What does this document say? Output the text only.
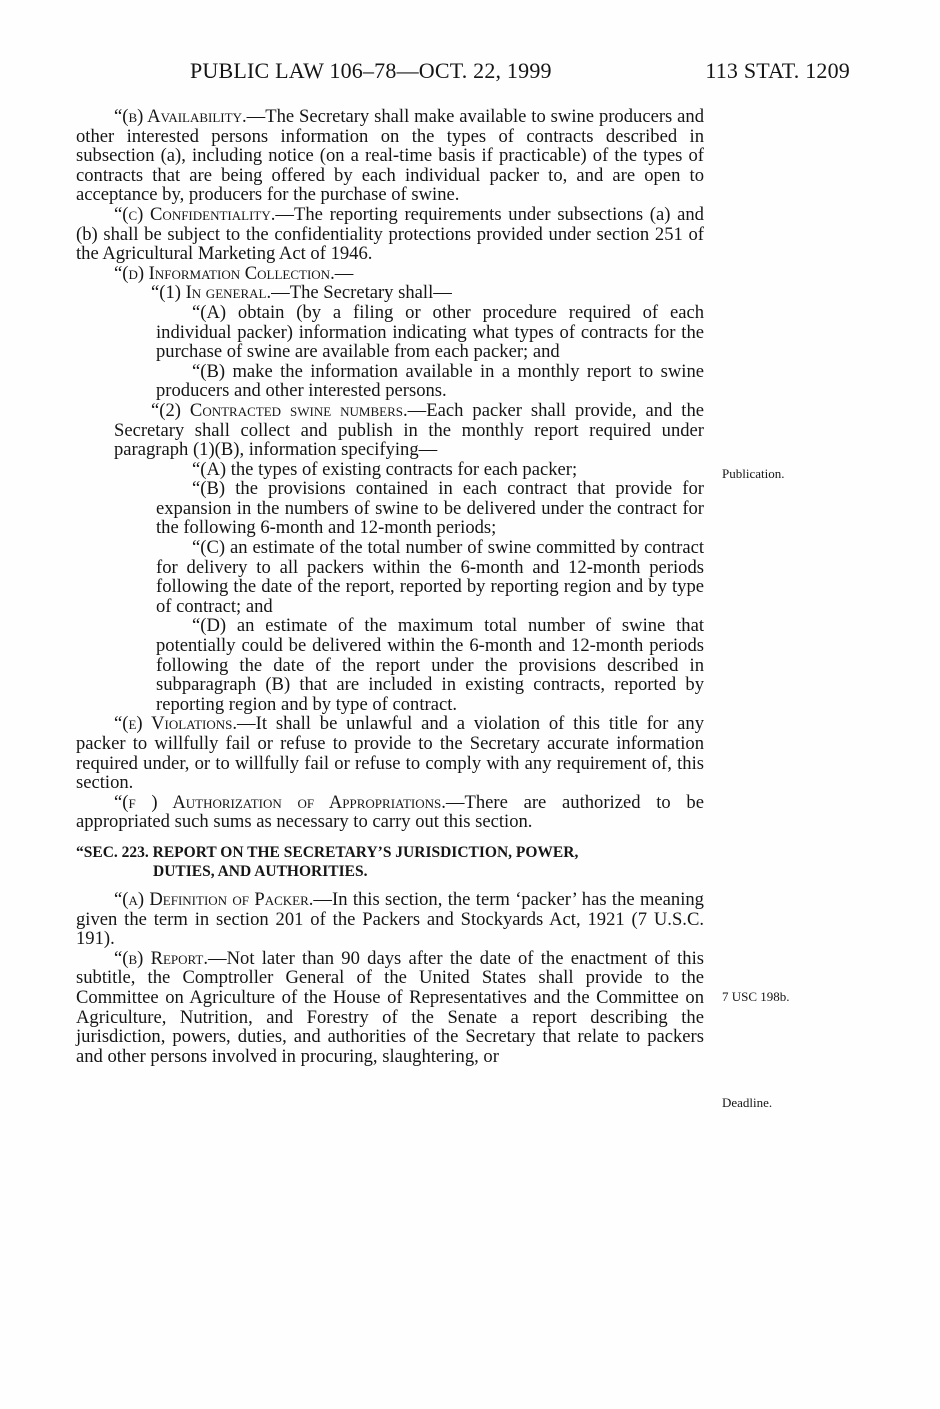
PUBLIC LAW 106–78—OCT. 22, 1999	113 STAT. 1209

“(b) Availability.—The Secretary shall make available to swine producers and other interested persons information on the types of contracts described in subsection (a), including notice (on a real-time basis if practicable) of the types of contracts that are being offered by each individual packer to, and are open to acceptance by, producers for the purchase of swine.

“(c) Confidentiality.—The reporting requirements under subsections (a) and (b) shall be subject to the confidentiality protections provided under section 251 of the Agricultural Marketing Act of 1946.

“(d) Information Collection.—

“(1) In general.—The Secretary shall—

“(A) obtain (by a filing or other procedure required of each individual packer) information indicating what types of contracts for the purchase of swine are available from each packer; and

“(B) make the information available in a monthly report to swine producers and other interested persons.

“(2) Contracted swine numbers.—Each packer shall provide, and the Secretary shall collect and publish in the monthly report required under paragraph (1)(B), information specifying—

“(A) the types of existing contracts for each packer;

“(B) the provisions contained in each contract that provide for expansion in the numbers of swine to be delivered under the contract for the following 6-month and 12-month periods;

“(C) an estimate of the total number of swine committed by contract for delivery to all packers within the 6-month and 12-month periods following the date of the report, reported by reporting region and by type of contract; and

“(D) an estimate of the maximum total number of swine that potentially could be delivered within the 6-month and 12-month periods following the date of the report under the provisions described in subparagraph (B) that are included in existing contracts, reported by reporting region and by type of contract.

“(e) Violations.—It shall be unlawful and a violation of this title for any packer to willfully fail or refuse to provide to the Secretary accurate information required under, or to willfully fail or refuse to comply with any requirement of, this section.

“(f ) Authorization of Appropriations.—There are authorized to be appropriated such sums as necessary to carry out this section.

“SEC. 223. REPORT ON THE SECRETARY’S JURISDICTION, POWER,
DUTIES, AND AUTHORITIES.

“(a) Definition of Packer.—In this section, the term ‘packer’ has the meaning given the term in section 201 of the Packers and Stockyards Act, 1921 (7 U.S.C. 191).

“(b) Report.—Not later than 90 days after the date of the enactment of this subtitle, the Comptroller General of the United States shall provide to the Committee on Agriculture of the House of Representatives and the Committee on Agriculture, Nutrition, and Forestry of the Senate a report describing the jurisdiction, powers, duties, and authorities of the Secretary that relate to packers and other persons involved in procuring, slaughtering, or

Publication.
7 USC 198b.
Deadline.
